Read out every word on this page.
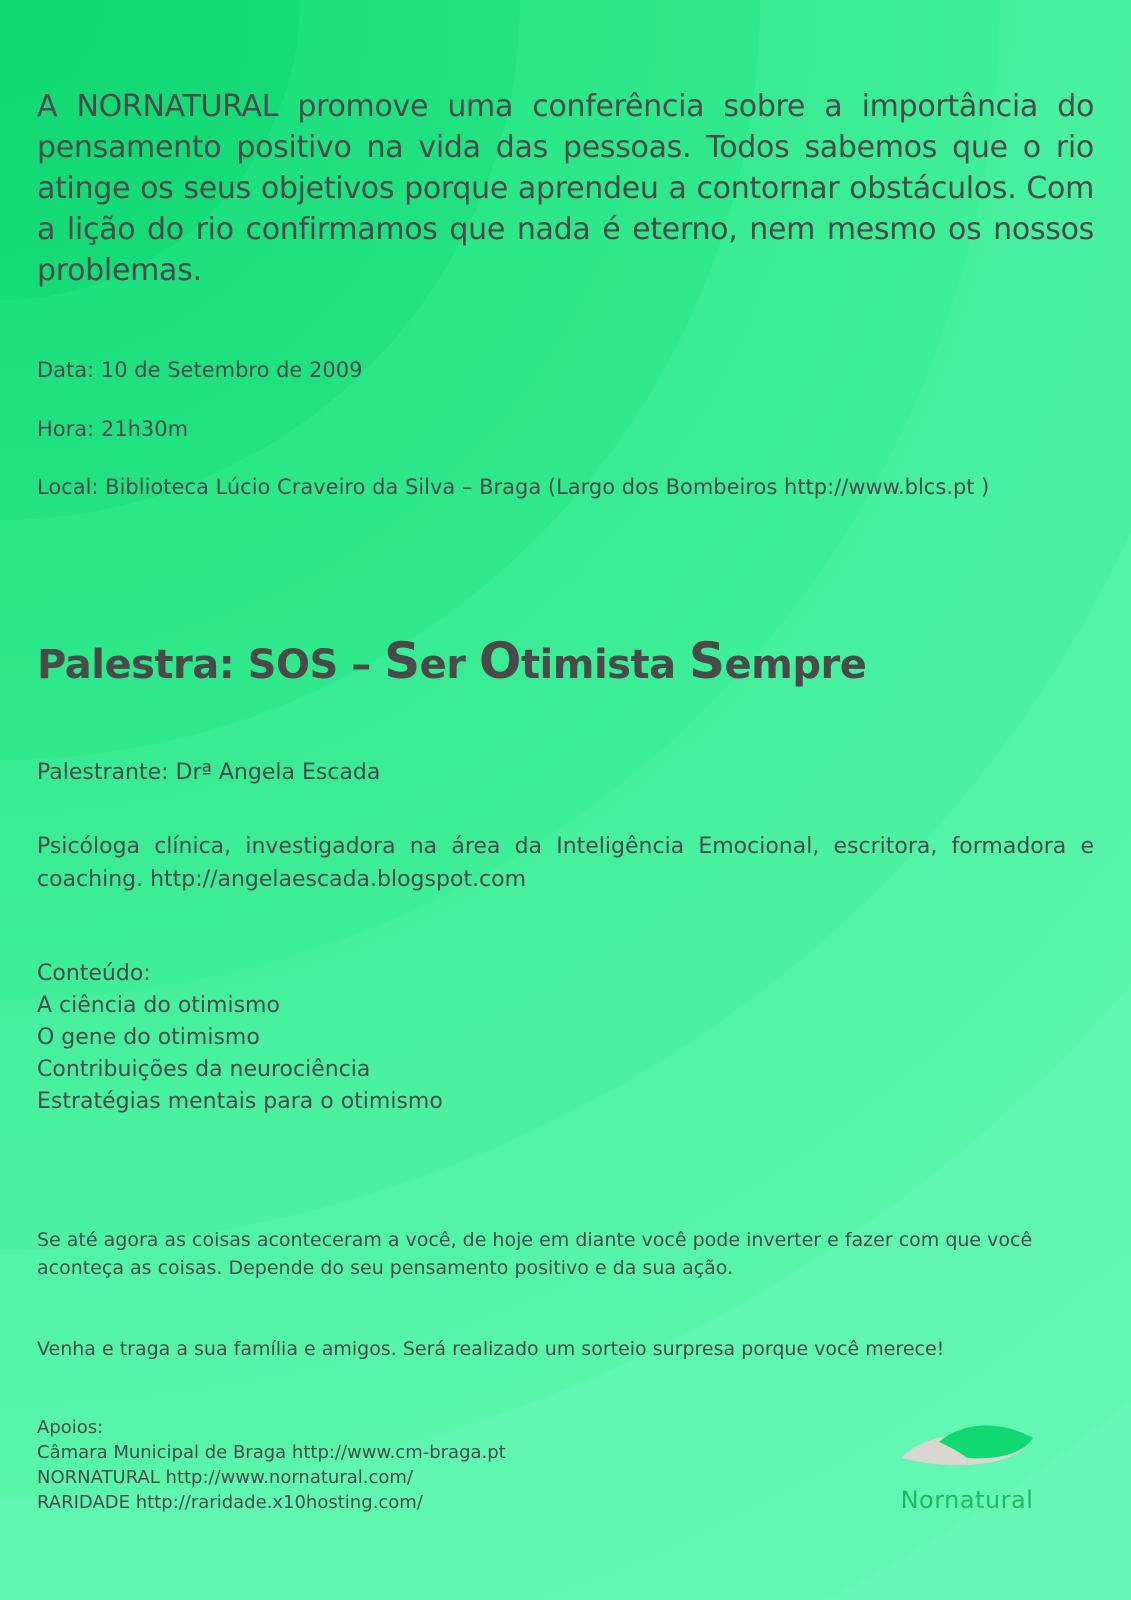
A NORNATURAL promove uma conferência sobre a importância do pensamento positivo na vida das pessoas. Todos sabemos que o rio atinge os seus objetivos porque aprendeu a contornar obstáculos. Com a lição do rio confirmamos que nada é eterno, nem mesmo os nossos problemas.

Data: 10 de Setembro de 2009

Hora: 21h30m

Local: Biblioteca Lúcio Craveiro da Silva – Braga (Largo dos Bombeiros http://www.blcs.pt )

Palestra: SOS – Ser Otimista Sempre

Palestrante: Drª Angela Escada

Psicóloga clínica, investigadora na área da Inteligência Emocional, escritora, formadora e coaching. http://angelaescada.blogspot.com

Conteúdo:
A ciência do otimismo
O gene do otimismo
Contribuições da neurociência
Estratégias mentais para o otimismo

Se até agora as coisas aconteceram a você, de hoje em diante você pode inverter e fazer com que você aconteça as coisas. Depende do seu pensamento positivo e da sua ação.

Venha e traga a sua família e amigos. Será realizado um sorteio surpresa porque você merece!

Apoios:
Câmara Municipal de Braga http://www.cm-braga.pt
NORNATURAL http://www.nornatural.com/
RARIDADE http://raridade.x10hosting.com/	Nornatural
